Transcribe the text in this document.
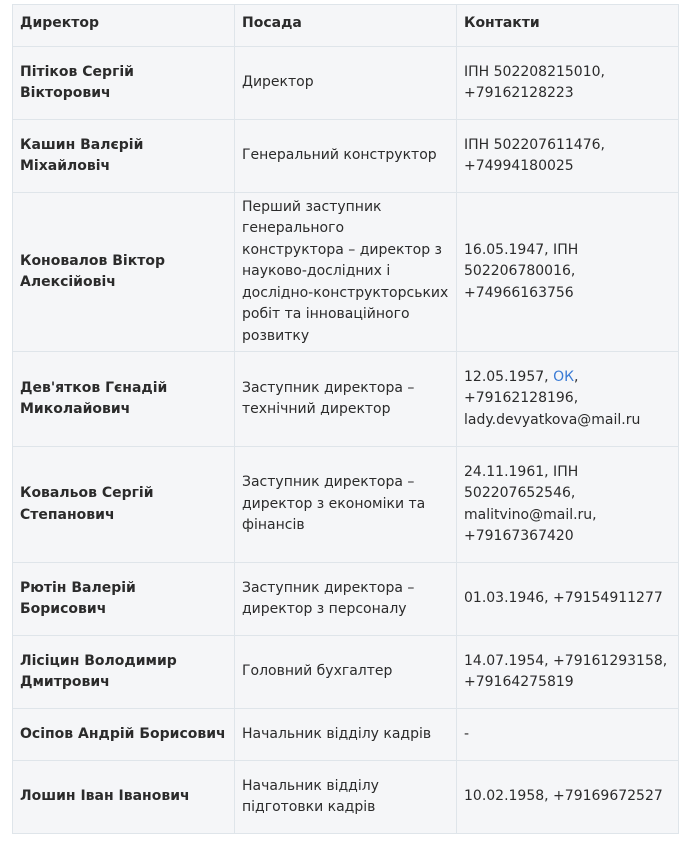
Директор	Посада	Контакти
Пітіков Сергій Вікторович	Директор	ІПН 502208215010,
+79162128223
Кашин Валєрій Міхайловіч	Генеральний конструктор	ІПН 502207611476,
+74994180025
Коновалов Віктор Алексійовіч	Перший заступник генерального конструктора – директор з науково-дослідних і дослідно-конструкторських робіт та інноваційного розвитку	16.05.1947, ІПН 502206780016, +74966163756
Дев'ятков Гєнадій Миколайович	Заступник директора – технічний директор	12.05.1957, ОК,
+79162128196,
lady.devyatkova@mail.ru
Ковальов Сергій Степанович	Заступник директора – директор з економіки та фінансів	24.11.1961, ІПН 502207652546,
malitvino@mail.ru,
+79167367420
Рютін Валерій Борисович	Заступник директора – директор з персоналу	01.03.1946, +79154911277
Лісіцин Володимир Дмитрович	Головний бухгалтер	14.07.1954, +79161293158,
+79164275819
Осіпов Андрій Борисович	Начальник відділу кадрів	-
Лошин Іван Іванович	Начальник відділу підготовки кадрів	10.02.1958, +79169672527
